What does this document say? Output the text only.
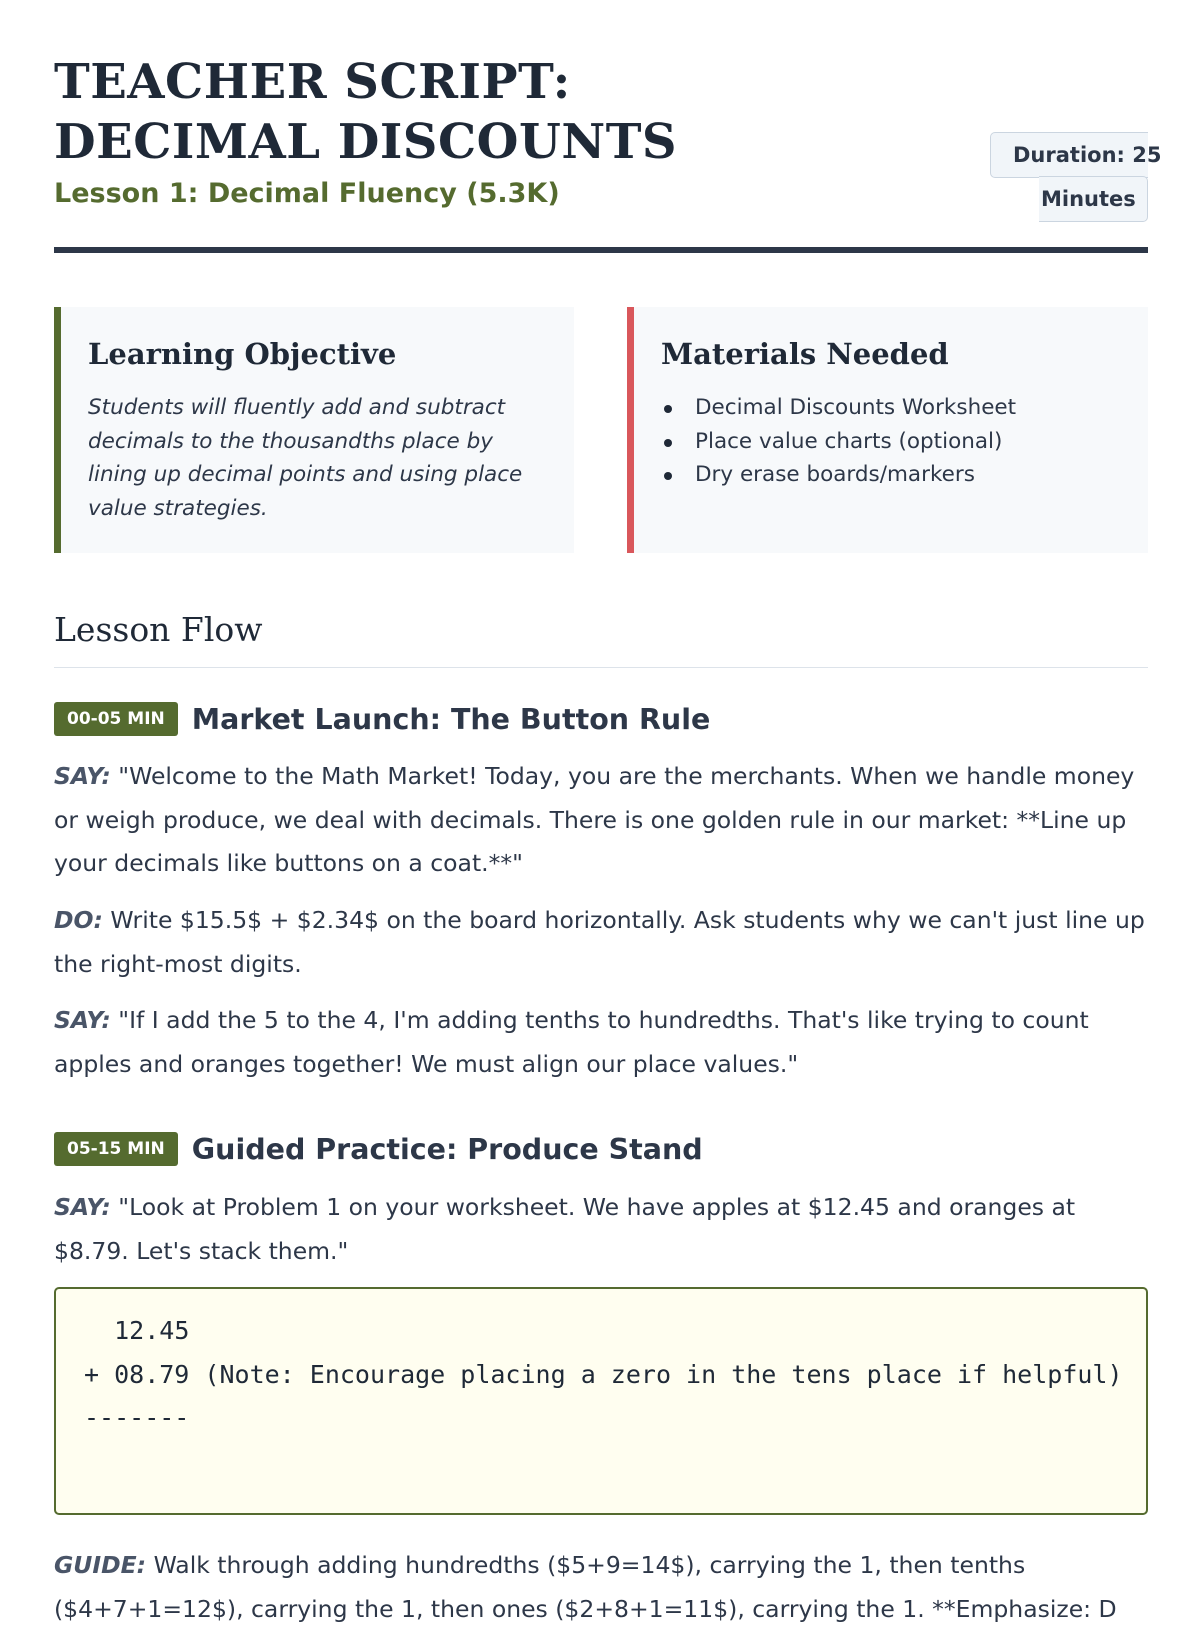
TEACHER SCRIPT: DECIMAL DISCOUNTS

Lesson 1: Decimal Fluency (5.3K)

Duration: 25
Minutes
Learning Objective
Students will fluently add and subtract decimals to the thousandths place by lining up decimal points and using place value strategies.
Materials Needed
Decimal Discounts Worksheet
Place value charts (optional)
Dry erase boards/markers
Lesson Flow
00-05 MIN Market Launch: The Button Rule

SAY: "Welcome to the Math Market! Today, you are the merchants. When we handle money or weigh produce, we deal with decimals. There is one golden rule in our market: **Line up your decimals like buttons on a coat.**"

DO: Write $15.5$ + $2.34$ on the board horizontally. Ask students why we can't just line up the right-most digits.

SAY: "If I add the 5 to the 4, I'm adding tenths to hundredths. That's like trying to count apples and oranges together! We must align our place values."

05-15 MIN Guided Practice: Produce Stand

SAY: "Look at Problem 1 on your worksheet. We have apples at $12.45 and oranges at $8.79. Let's stack them."

12.45
+ 08.79 (Note: Encourage placing a zero in the tens place if helpful)
-------

GUIDE: Walk through adding hundredths ($5+9=14$), carrying the 1, then tenths ($4+7+1=12$), carrying the 1, then ones ($2+8+1=11$), carrying the 1. **Emphasize: D
